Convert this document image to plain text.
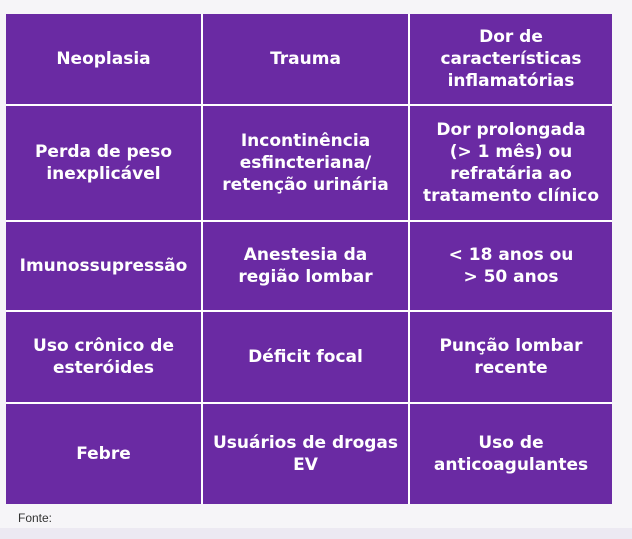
Neoplasia	Trauma
Dor de
características
inflamatórias
Perda de peso
inexplicável
Incontinência
esfincteriana/
retenção urinária
Dor prolongada
(> 1 mês) ou
refratária ao
tratamento clínico
Imunossupressão
Anestesia da
região lombar
< 18 anos ou
> 50 anos
Uso crônico de
esteróides
Déficit focal
Punção lombar
recente
Febre
Usuários de drogas
EV
Uso de
anticoagulantes
Fonte:
